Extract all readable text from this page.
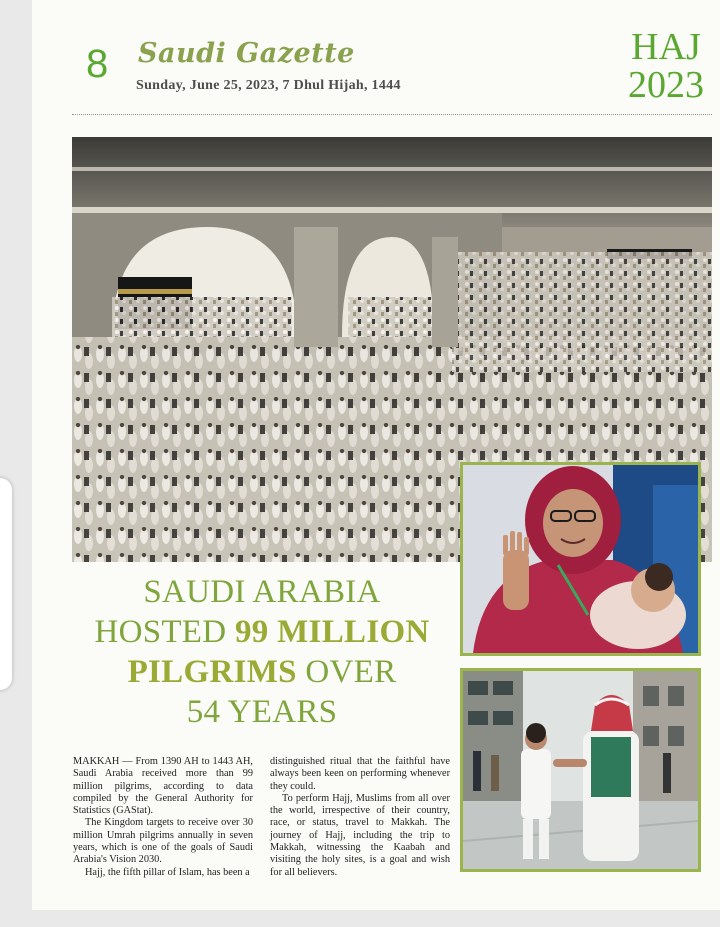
8 Saudi Gazette
Sunday, June 25, 2023, 7 Dhul Hijah, 1444
HAJ
2023
SAUDI ARABIA
HOSTED 99 MILLION
PILGRIMS OVER
54 YEARS

MAKKAH — From 1390 AH to 1443 AH, Saudi Arabia received more than 99 million pilgrims, according to data compiled by the General Authority for Statistics (GAStat).

The Kingdom targets to receive over 30 million Umrah pilgrims annually in seven years, which is one of the goals of Saudi Arabia's Vision 2030.

Hajj, the fifth pillar of Islam, has been a

distinguished ritual that the faithful have always been keen on performing whenever they could.

To perform Hajj, Muslims from all over the world, irrespective of their country, race, or status, travel to Makkah. The journey of Hajj, including the trip to Makkah, witnessing the Kaabah and visiting the holy sites, is a goal and wish for all believers.
